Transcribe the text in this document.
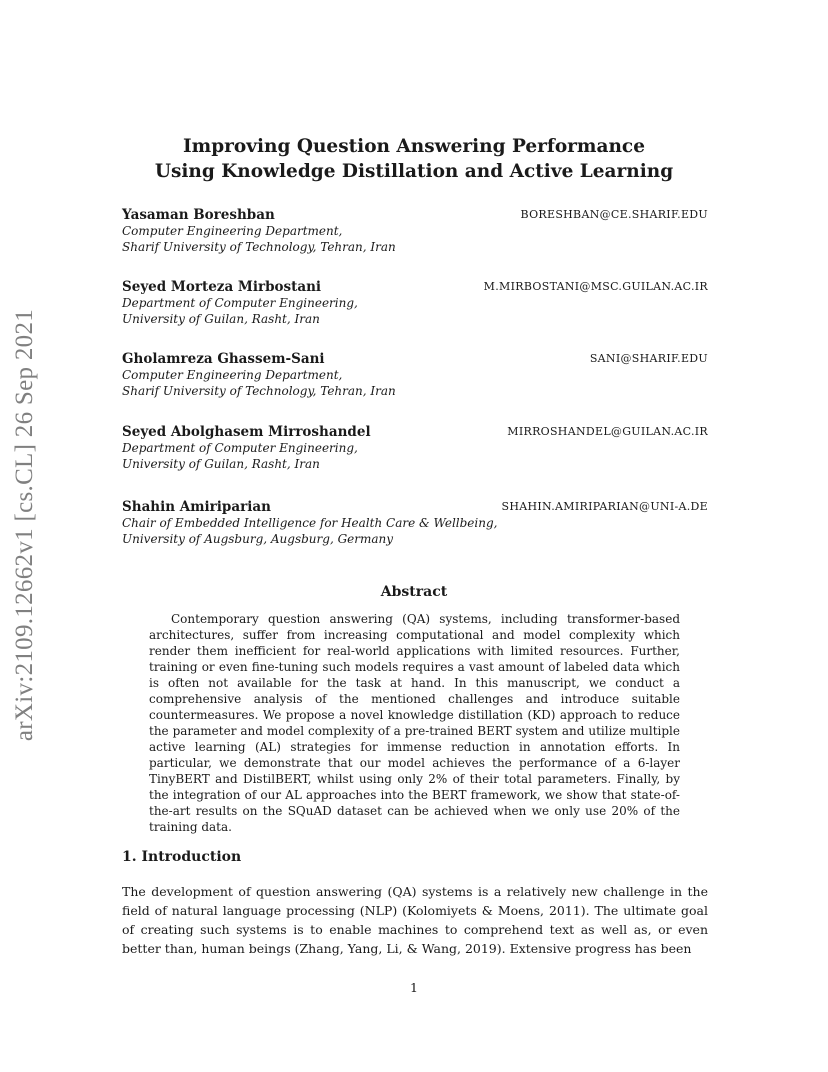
arXiv:2109.12662v1 [cs.CL] 26 Sep 2021
Improving Question Answering Performance
Using Knowledge Distillation and Active Learning
Yasaman Boreshban	BORESHBAN@CE.SHARIF.EDU
Computer Engineering Department,
Sharif University of Technology, Tehran, Iran
Seyed Morteza Mirbostani	M.MIRBOSTANI@MSC.GUILAN.AC.IR
Department of Computer Engineering,
University of Guilan, Rasht, Iran
Gholamreza Ghassem-Sani	SANI@SHARIF.EDU
Computer Engineering Department,
Sharif University of Technology, Tehran, Iran
Seyed Abolghasem Mirroshandel	MIRROSHANDEL@GUILAN.AC.IR
Department of Computer Engineering,
University of Guilan, Rasht, Iran
Shahin Amiriparian	SHAHIN.AMIRIPARIAN@UNI-A.DE
Chair of Embedded Intelligence for Health Care & Wellbeing,
University of Augsburg, Augsburg, Germany
Abstract

Contemporary question answering (QA) systems, including transformer-based architectures, suffer from increasing computational and model complexity which render them inefficient for real-world applications with limited resources. Further, training or even fine-tuning such models requires a vast amount of labeled data which is often not available for the task at hand. In this manuscript, we conduct a comprehensive analysis of the mentioned challenges and introduce suitable countermeasures. We propose a novel knowledge distillation (KD) approach to reduce the parameter and model complexity of a pre-trained BERT system and utilize multiple active learning (AL) strategies for immense reduction in annotation efforts. In particular, we demonstrate that our model achieves the performance of a 6-layer TinyBERT and DistilBERT, whilst using only 2% of their total parameters. Finally, by the integration of our AL approaches into the BERT framework, we show that state-of-the-art results on the SQuAD dataset can be achieved when we only use 20% of the training data.

1. Introduction

The development of question answering (QA) systems is a relatively new challenge in the field of natural language processing (NLP) (Kolomiyets & Moens, 2011). The ultimate goal of creating such systems is to enable machines to comprehend text as well as, or even better than, human beings (Zhang, Yang, Li, & Wang, 2019). Extensive progress has been

1
